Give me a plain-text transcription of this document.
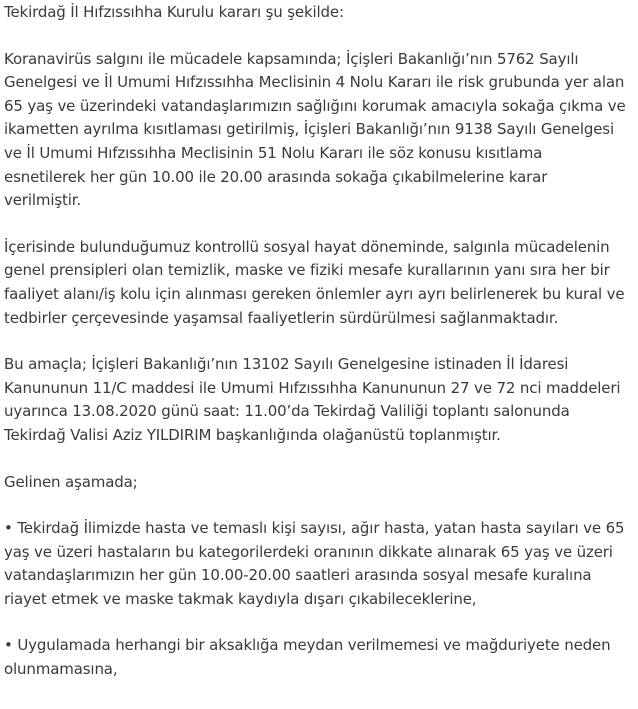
Tekirdağ İl Hıfzıssıhha Kurulu kararı şu şekilde:

Koranavirüs salgını ile mücadele kapsamında; İçişleri Bakanlığı’nın 5762 Sayılı Genelgesi ve İl Umumi Hıfzıssıhha Meclisinin 4 Nolu Kararı ile risk grubunda yer alan 65 yaş ve üzerindeki vatandaşlarımızın sağlığını korumak amacıyla sokağa çıkma ve ikametten ayrılma kısıtlaması getirilmiş, İçişleri Bakanlığı’nın 9138 Sayılı Genelgesi ve İl Umumi Hıfzıssıhha Meclisinin 51 Nolu Kararı ile söz konusu kısıtlama esnetilerek her gün 10.00 ile 20.00 arasında sokağa çıkabilmelerine karar verilmiştir.

İçerisinde bulunduğumuz kontrollü sosyal hayat döneminde, salgınla mücadelenin genel prensipleri olan temizlik, maske ve fiziki mesafe kurallarının yanı sıra her bir faaliyet alanı/iş kolu için alınması gereken önlemler ayrı ayrı belirlenerek bu kural ve tedbirler çerçevesinde yaşamsal faaliyetlerin sürdürülmesi sağlanmaktadır.

Bu amaçla; İçişleri Bakanlığı’nın 13102 Sayılı Genelgesine istinaden İl İdaresi Kanununun 11/C maddesi ile Umumi Hıfzıssıhha Kanununun 27 ve 72 nci maddeleri uyarınca 13.08.2020 günü saat: 11.00’da Tekirdağ Valiliği toplantı salonunda Tekirdağ Valisi Aziz YILDIRIM başkanlığında olağanüstü toplanmıştır.

Gelinen aşamada;

• Tekirdağ İlimizde hasta ve temaslı kişi sayısı, ağır hasta, yatan hasta sayıları ve 65 yaş ve üzeri hastaların bu kategorilerdeki oranının dikkate alınarak 65 yaş ve üzeri vatandaşlarımızın her gün 10.00-20.00 saatleri arasında sosyal mesafe kuralına riayet etmek ve maske takmak kaydıyla dışarı çıkabileceklerine,

• Uygulamada herhangi bir aksaklığa meydan verilmemesi ve mağduriyete neden olunmamasına,
